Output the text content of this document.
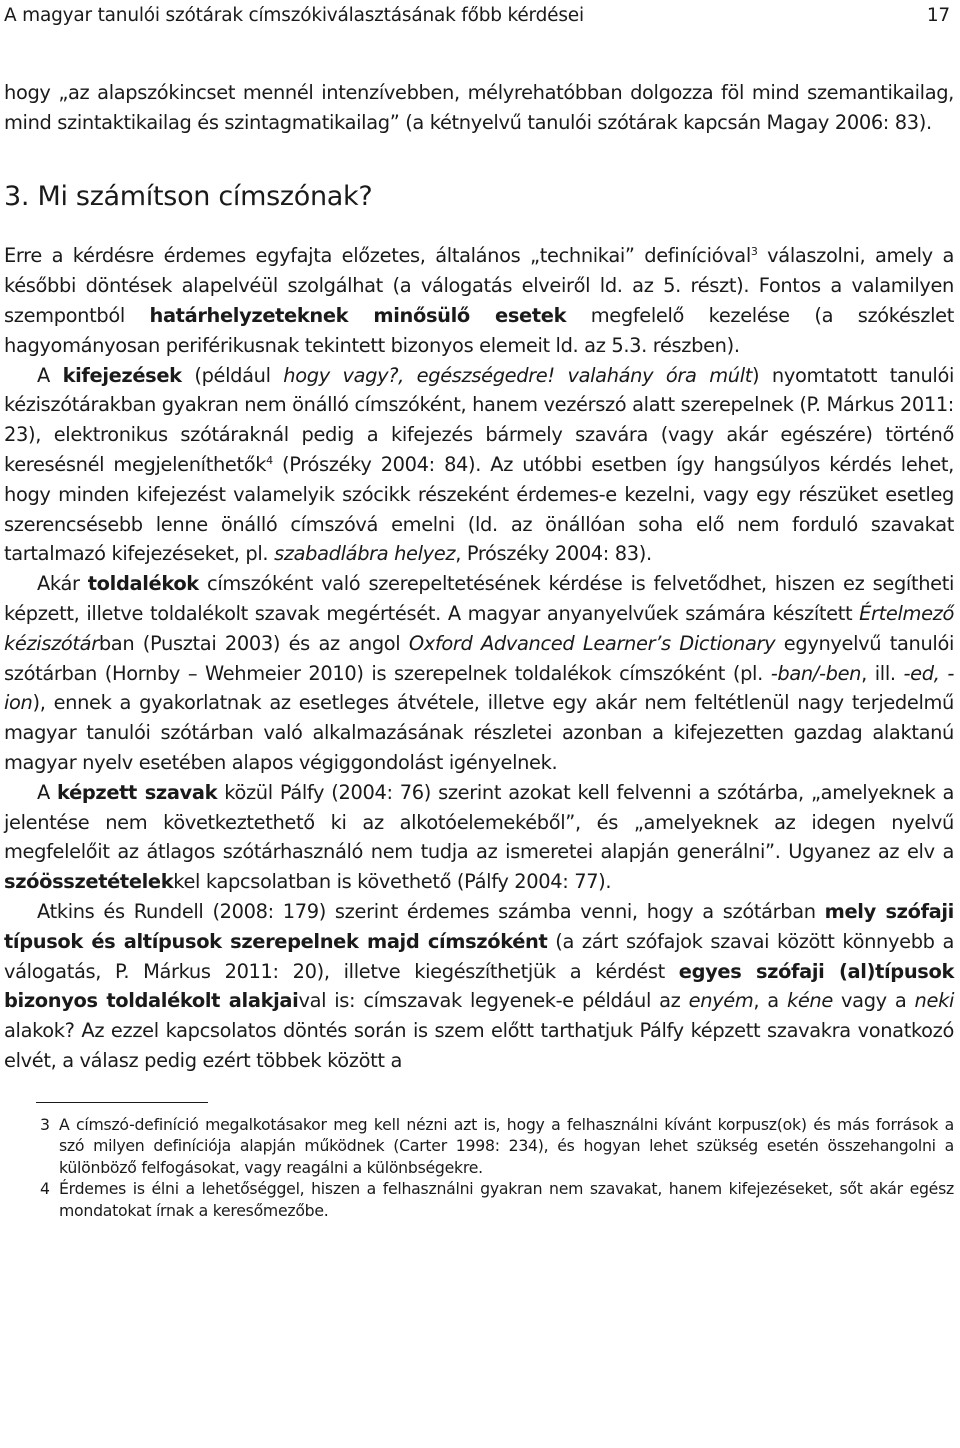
A magyar tanulói szótárak címszókiválasztásának főbb kérdései	17

hogy „az alapszókincset mennél intenzívebben, mélyrehatóbban dolgozza föl mind szemantikailag, mind szintaktikailag és szintagmatikailag” (a kétnyelvű tanulói szótárak kapcsán Magay 2006: 83).

3. Mi számítson címszónak?

Erre a kérdésre érdemes egyfajta előzetes, általános „technikai” definícióval$^3$ válaszolni, amely a későbbi döntések alapelvéül szolgálhat (a válogatás elveiről ld. az 5. részt). Fontos a valamilyen szempontból határhelyzeteknek minősülő esetek megfelelő kezelése (a szókészlet hagyományosan periférikusnak tekintett bizonyos elemeit ld. az 5.3. részben).

A kifejezések (például hogy vagy?, egészségedre! valahány óra múlt) nyomtatott tanulói kéziszótárakban gyakran nem önálló címszóként, hanem vezérszó alatt szerepelnek (P. Márkus 2011: 23), elektronikus szótáraknál pedig a kifejezés bármely szavára (vagy akár egészére) történő keresésnél megjeleníthetők$^4$ (Prószéky 2004: 84). Az utóbbi esetben így hangsúlyos kérdés lehet, hogy minden kifejezést valamelyik szócikk részeként érdemes-e kezelni, vagy egy részüket esetleg szerencsésebb lenne önálló címszóvá emelni (ld. az önállóan soha elő nem forduló szavakat tartalmazó kifejezéseket, pl. szabadlábra helyez, Prószéky 2004: 83).

Akár toldalékok címszóként való szerepeltetésének kérdése is felvetődhet, hiszen ez segítheti képzett, illetve toldalékolt szavak megértését. A magyar anyanyelvűek számára készített Értelmező kéziszótárban (Pusztai 2003) és az angol Oxford Advanced Learner’s Dictionary egynyelvű tanulói szótárban (Hornby – Wehmeier 2010) is szerepelnek toldalékok címszóként (pl. -ban/-ben, ill. -ed, -ion), ennek a gyakorlatnak az esetleges átvétele, illetve egy akár nem feltétlenül nagy terjedelmű magyar tanulói szótárban való alkalmazásának részletei azonban a kifejezetten gazdag alaktanú magyar nyelv esetében alapos végiggondolást igényelnek.

A képzett szavak közül Pálfy (2004: 76) szerint azokat kell felvenni a szótárba, „amelyeknek a jelentése nem következtethető ki az alkotóelemekéből”, és „amelyeknek az idegen nyelvű megfelelőit az átlagos szótárhasználó nem tudja az ismeretei alapján generálni”. Ugyanez az elv a szóösszetételekkel kapcsolatban is követhető (Pálfy 2004: 77).

Atkins és Rundell (2008: 179) szerint érdemes számba venni, hogy a szótárban mely szófaji típusok és altípusok szerepelnek majd címszóként (a zárt szófajok szavai között könnyebb a válogatás, P. Márkus 2011: 20), illetve kiegészíthetjük a kérdést egyes szófaji (al)típusok bizonyos toldalékolt alakjaival is: címszavak legyenek-e például az enyém, a kéne vagy a neki alakok? Az ezzel kapcsolatos döntés során is szem előtt tarthatjuk Pálfy képzett szavakra vonatkozó elvét, a válasz pedig ezért többek között a

3 A címszó-definíció megalkotásakor meg kell nézni azt is, hogy a felhasználni kívánt korpusz(ok) és más források a szó milyen definíciója alapján működnek (Carter 1998: 234), és hogyan lehet szükség esetén összehangolni a különböző felfogásokat, vagy reagálni a különbségekre.
4 Érdemes is élni a lehetőséggel, hiszen a felhasználni gyakran nem szavakat, hanem kifejezéseket, sőt akár egész mondatokat írnak a keresőmezőbe.
